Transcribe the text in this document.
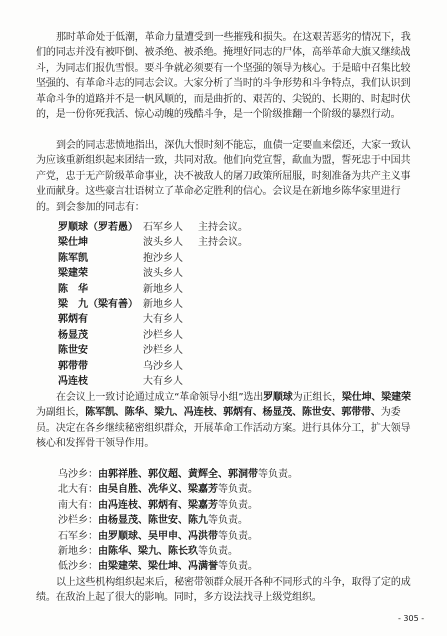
那时革命处于低潮，革命力量遭受到一些摧残和损失。在这艰苦恶劣的情况下，我们的同志并没有被吓倒、被杀绝、被杀绝。掩埋好同志的尸体，高举革命大旗又继续战斗，为同志们报仇雪恨。要斗争就必须要有一个坚强的领导为核心。于是暗中召集比较坚强的、有革命斗志的同志会议。大家分析了当时的斗争形势和斗争特点，我们认识到革命斗争的道路并不是一帆风顺的，而是曲折的、艰苦的、尖锐的、长期的、时起时伏的，是一份你死我活、惊心动魄的残酷斗争，是一个阶级推翻一个阶级的暴烈行动。
到会的同志悲愤地指出，深仇大恨时刻不能忘，血债一定要血来偿还，大家一致认为应该重新组织起来团结一致，共同对敌。他们向党宣誓，歃血为盟，誓死忠于中国共产党，忠于无产阶级革命事业，决不被敌人的屠刀政策所屈服，时刻准备为共产主义事业而献身。这些豪言壮语树立了革命必定胜利的信心。会议是在新地乡陈华家里进行的。 到会参加的同志有：
罗顺球（罗若愚） 石军乡人 主持会议。
梁仕坤	波头乡人 主持会议。
陈军凯	抱沙乡人
梁建荣	波头乡人
陈　华	新地乡人
梁　九（梁有善） 新地乡人
郭炳有	大有乡人
杨显茂	沙栏乡人
陈世安	沙栏乡人
郭带带	乌沙乡人
冯连枝	大有乡人
在会议上一致讨论通过成立“革命领导小组”选出罗顺球为正组长，梁仕坤、梁建荣为副组长，陈军凯、陈华、梁九、冯连枝、郭炳有、杨显茂、陈世安、郭带带、为委员。决定在各乡继续秘密组织群众，开展革命工作活动方案。进行具体分工，扩大领导核心和发挥骨干领导作用。
乌沙乡：由郭祥胜、郭仪超、黄辉全、郭洞带等负责。
北大有：由吴自胜、冼华义、梁嘉芳等负责。
南大有：由冯连枝、郭炳有、梁嘉芳等负责。
沙栏乡：由杨显茂、陈世安、陈九等负责。
石军乡：由罗顺球、吴甲申、冯洪带等负责。
新地乡：由陈华、梁九、陈长玖等负责。
低沙乡：由梁建荣、梁仕坤、冯满誉等负责。
以上这些机构组织起来后，秘密带领群众展开各种不同形式的斗争，取得了定的成绩。在敌治上起了很大的影响。同时，多方设法找寻上级党组织。
- 305 -
